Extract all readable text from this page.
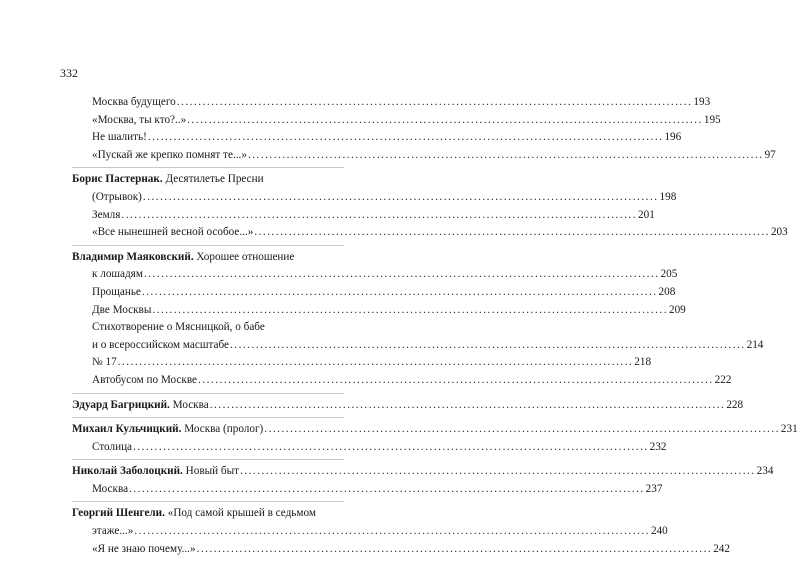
332
Москва будущего ........................................................................................................................ 193
«Москва, ты кто?..» ........................................................................................................................ 195
Не шалить! ........................................................................................................................ 196
«Пускай же крепко помнят те...» ........................................................................................................................ 97
Борис Пастернак. Десятилетье Пресни
(Отрывок) ........................................................................................................................ 198
Земля ........................................................................................................................ 201
«Все нынешней весной особое...» ........................................................................................................................ 203
Владимир Маяковский. Хорошее отношение
к лошадям ........................................................................................................................ 205
Прощанье ........................................................................................................................ 208
Две Москвы ........................................................................................................................ 209
Стихотворение о Мясницкой, о бабе
и о всероссийском масштабе ........................................................................................................................ 214
№ 17 ........................................................................................................................ 218
Автобусом по Москве ........................................................................................................................ 222
Эдуард Багрицкий. Москва ........................................................................................................................ 228
Михаил Кульчицкий. Москва (пролог) ........................................................................................................................ 231
Столица ........................................................................................................................ 232
Николай Заболоцкий. Новый быт ........................................................................................................................ 234
Москва ........................................................................................................................ 237
Георгий Шенгели. «Под самой крышей в седьмом
этаже...» ........................................................................................................................ 240
«Я не знаю почему...» ........................................................................................................................ 242
